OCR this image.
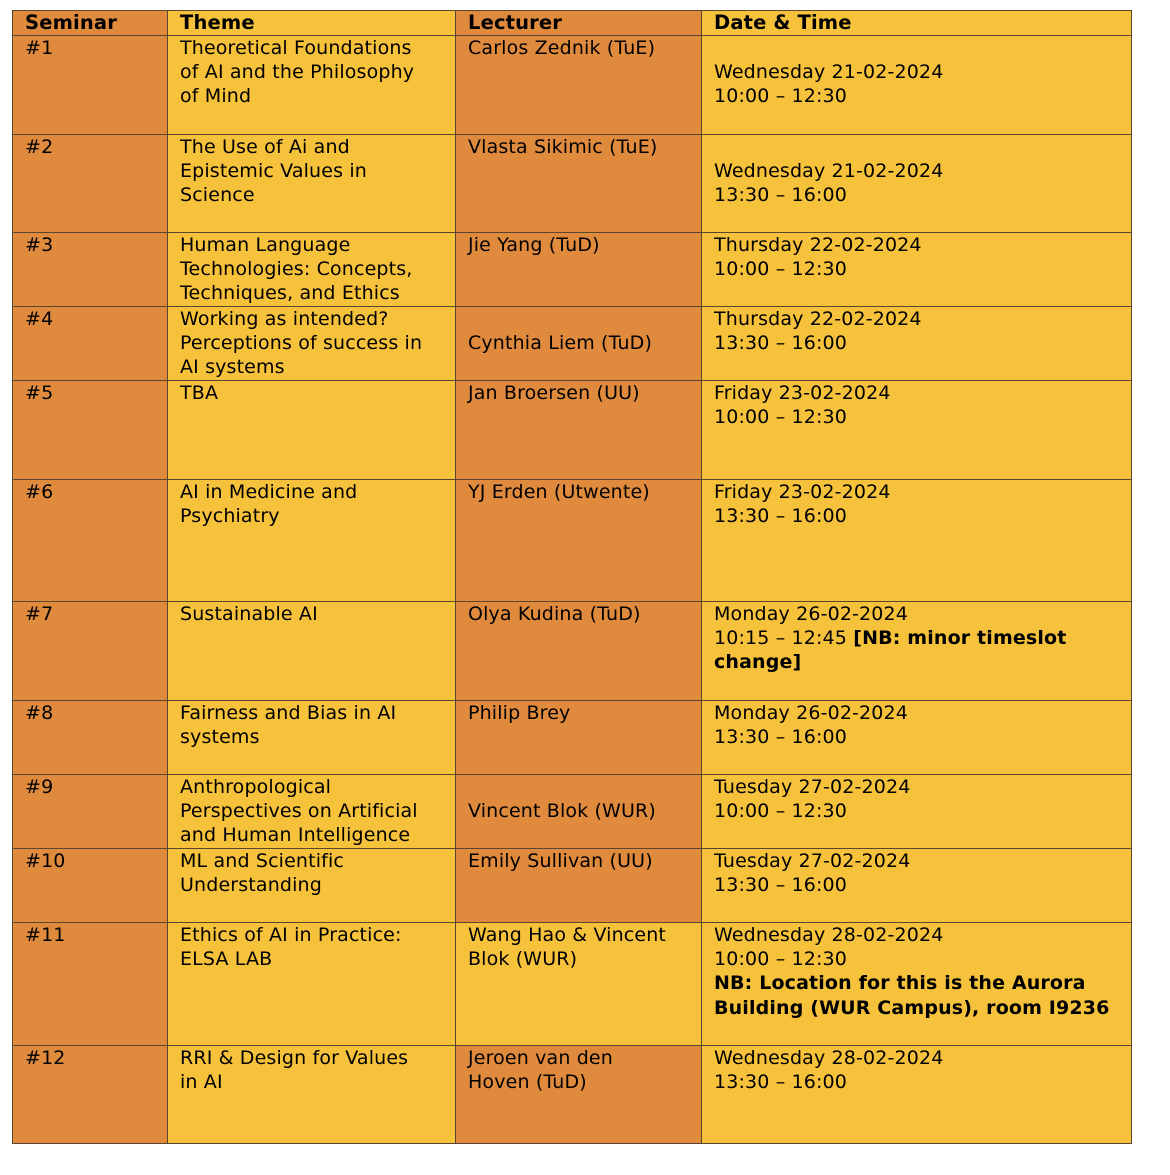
Seminar	Theme	Lecturer	Date & Time

#1	Theoretical Foundations
of AI and the Philosophy
of Mind	Carlos Zednik (TuE)	Wednesday 21-02-2024
10:00 – 12:30

#2	The Use of Ai and
Epistemic Values in
Science	Vlasta Sikimic (TuE)	Wednesday 21-02-2024
13:30 – 16:00

#3	Human Language
Technologies: Concepts,
Techniques, and Ethics	Jie Yang (TuD)	Thursday 22-02-2024
10:00 – 12:30

#4	Working as intended?
Perceptions of success in
AI systems	Cynthia Liem (TuD)	Thursday 22-02-2024
13:30 – 16:00

#5	TBA	Jan Broersen (UU)	Friday 23-02-2024
10:00 – 12:30

#6	AI in Medicine and
Psychiatry	YJ Erden (Utwente)	Friday 23-02-2024
13:30 – 16:00

#7	Sustainable AI	Olya Kudina (TuD)	Monday 26-02-2024
10:15 – 12:45 [NB: minor timeslot change]

#8	Fairness and Bias in AI
systems	Philip Brey	Monday 26-02-2024
13:30 – 16:00

#9	Anthropological
Perspectives on Artificial
and Human Intelligence	Vincent Blok (WUR)	Tuesday 27-02-2024
10:00 – 12:30

#10	ML and Scientific
Understanding	Emily Sullivan (UU)	Tuesday 27-02-2024
13:30 – 16:00

#11	Ethics of AI in Practice:
ELSA LAB	Wang Hao & Vincent
Blok (WUR)	Wednesday 28-02-2024
10:00 – 12:30
NB: Location for this is the Aurora Building (WUR Campus), room I9236

#12	RRI & Design for Values
in AI	Jeroen van den
Hoven (TuD)	Wednesday 28-02-2024
13:30 – 16:00
